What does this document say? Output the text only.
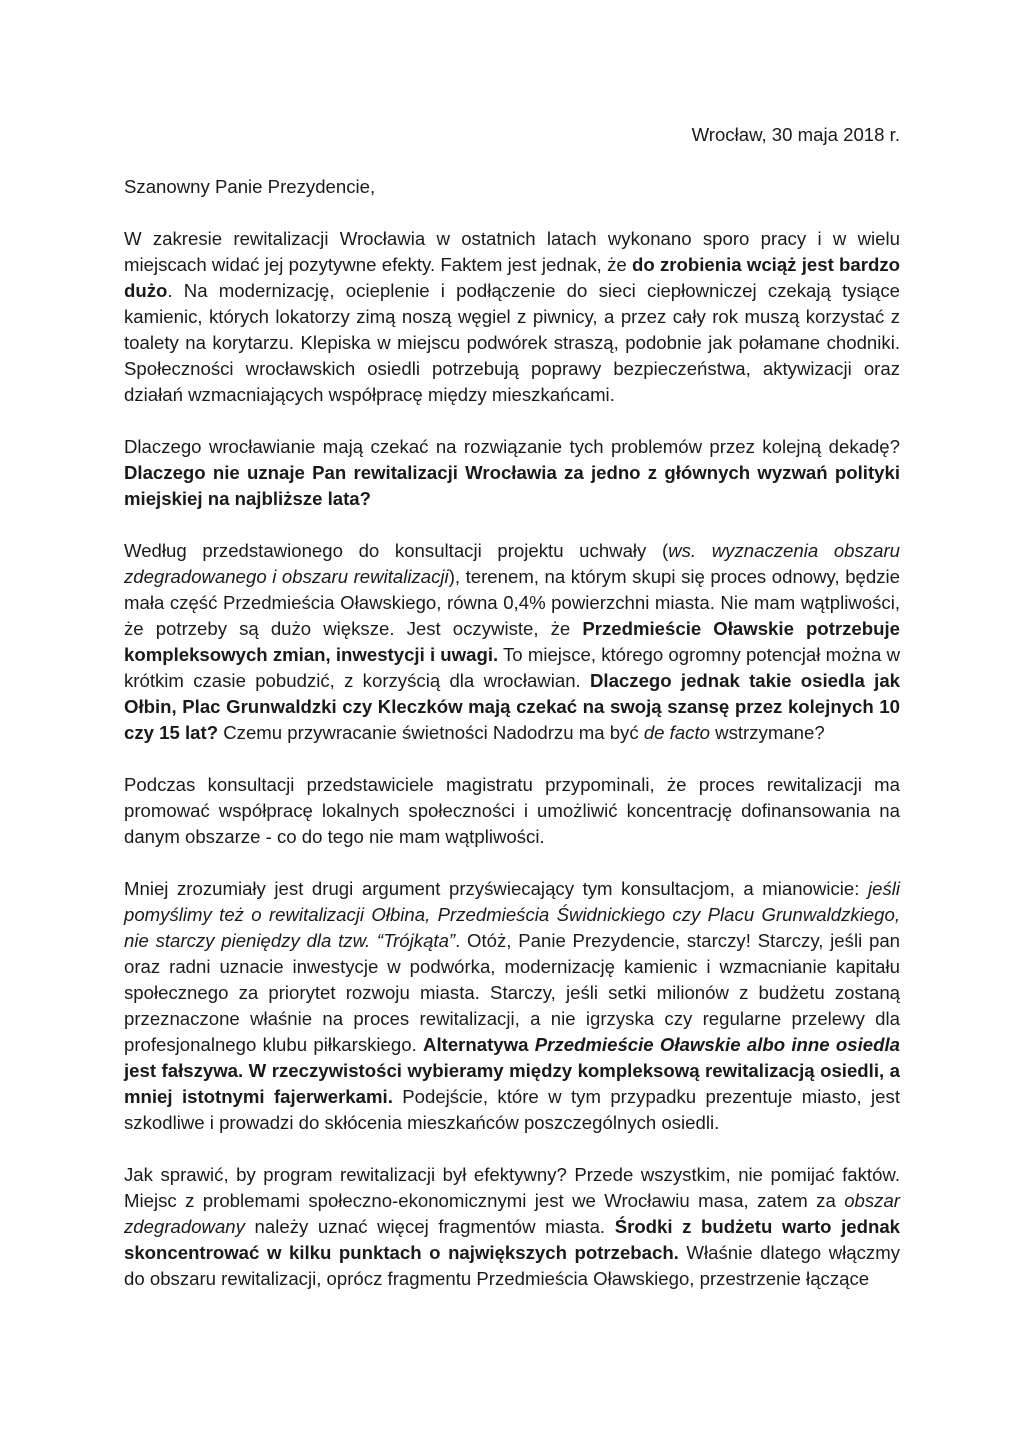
Wrocław, 30 maja 2018 r.

Szanowny Panie Prezydencie,

W zakresie rewitalizacji Wrocławia w ostatnich latach wykonano sporo pracy i w wielu miejscach widać jej pozytywne efekty. Faktem jest jednak, że do zrobienia wciąż jest bardzo dużo. Na modernizację, ocieplenie i podłączenie do sieci ciepłowniczej czekają tysiące kamienic, których lokatorzy zimą noszą węgiel z piwnicy, a przez cały rok muszą korzystać z toalety na korytarzu. Klepiska w miejscu podwórek straszą, podobnie jak połamane chodniki. Społeczności wrocławskich osiedli potrzebują poprawy bezpieczeństwa, aktywizacji oraz działań wzmacniających współpracę między mieszkańcami.

Dlaczego wrocławianie mają czekać na rozwiązanie tych problemów przez kolejną dekadę? Dlaczego nie uznaje Pan rewitalizacji Wrocławia za jedno z głównych wyzwań polityki miejskiej na najbliższe lata?

Według przedstawionego do konsultacji projektu uchwały (ws. wyznaczenia obszaru zdegradowanego i obszaru rewitalizacji), terenem, na którym skupi się proces odnowy, będzie mała część Przedmieścia Oławskiego, równa 0,4% powierzchni miasta. Nie mam wątpliwości, że potrzeby są dużo większe. Jest oczywiste, że Przedmieście Oławskie potrzebuje kompleksowych zmian, inwestycji i uwagi. To miejsce, którego ogromny potencjał można w krótkim czasie pobudzić, z korzyścią dla wrocławian. Dlaczego jednak takie osiedla jak Ołbin, Plac Grunwaldzki czy Kleczków mają czekać na swoją szansę przez kolejnych 10 czy 15 lat? Czemu przywracanie świetności Nadodrzu ma być de facto wstrzymane?

Podczas konsultacji przedstawiciele magistratu przypominali, że proces rewitalizacji ma promować współpracę lokalnych społeczności i umożliwić koncentrację dofinansowania na danym obszarze - co do tego nie mam wątpliwości.

Mniej zrozumiały jest drugi argument przyświecający tym konsultacjom, a mianowicie: jeśli pomyślimy też o rewitalizacji Ołbina, Przedmieścia Świdnickiego czy Placu Grunwaldzkiego, nie starczy pieniędzy dla tzw. “Trójkąta”. Otóż, Panie Prezydencie, starczy! Starczy, jeśli pan oraz radni uznacie inwestycje w podwórka, modernizację kamienic i wzmacnianie kapitału społecznego za priorytet rozwoju miasta. Starczy, jeśli setki milionów z budżetu zostaną przeznaczone właśnie na proces rewitalizacji, a nie igrzyska czy regularne przelewy dla profesjonalnego klubu piłkarskiego. Alternatywa Przedmieście Oławskie albo inne osiedla jest fałszywa. W rzeczywistości wybieramy między kompleksową rewitalizacją osiedli, a mniej istotnymi fajerwerkami. Podejście, które w tym przypadku prezentuje miasto, jest szkodliwe i prowadzi do skłócenia mieszkańców poszczególnych osiedli.

Jak sprawić, by program rewitalizacji był efektywny? Przede wszystkim, nie pomijać faktów. Miejsc z problemami społeczno-ekonomicznymi jest we Wrocławiu masa, zatem za obszar zdegradowany należy uznać więcej fragmentów miasta. Środki z budżetu warto jednak skoncentrować w kilku punktach o największych potrzebach. Właśnie dlatego włączmy do obszaru rewitalizacji, oprócz fragmentu Przedmieścia Oławskiego, przestrzenie łączące
